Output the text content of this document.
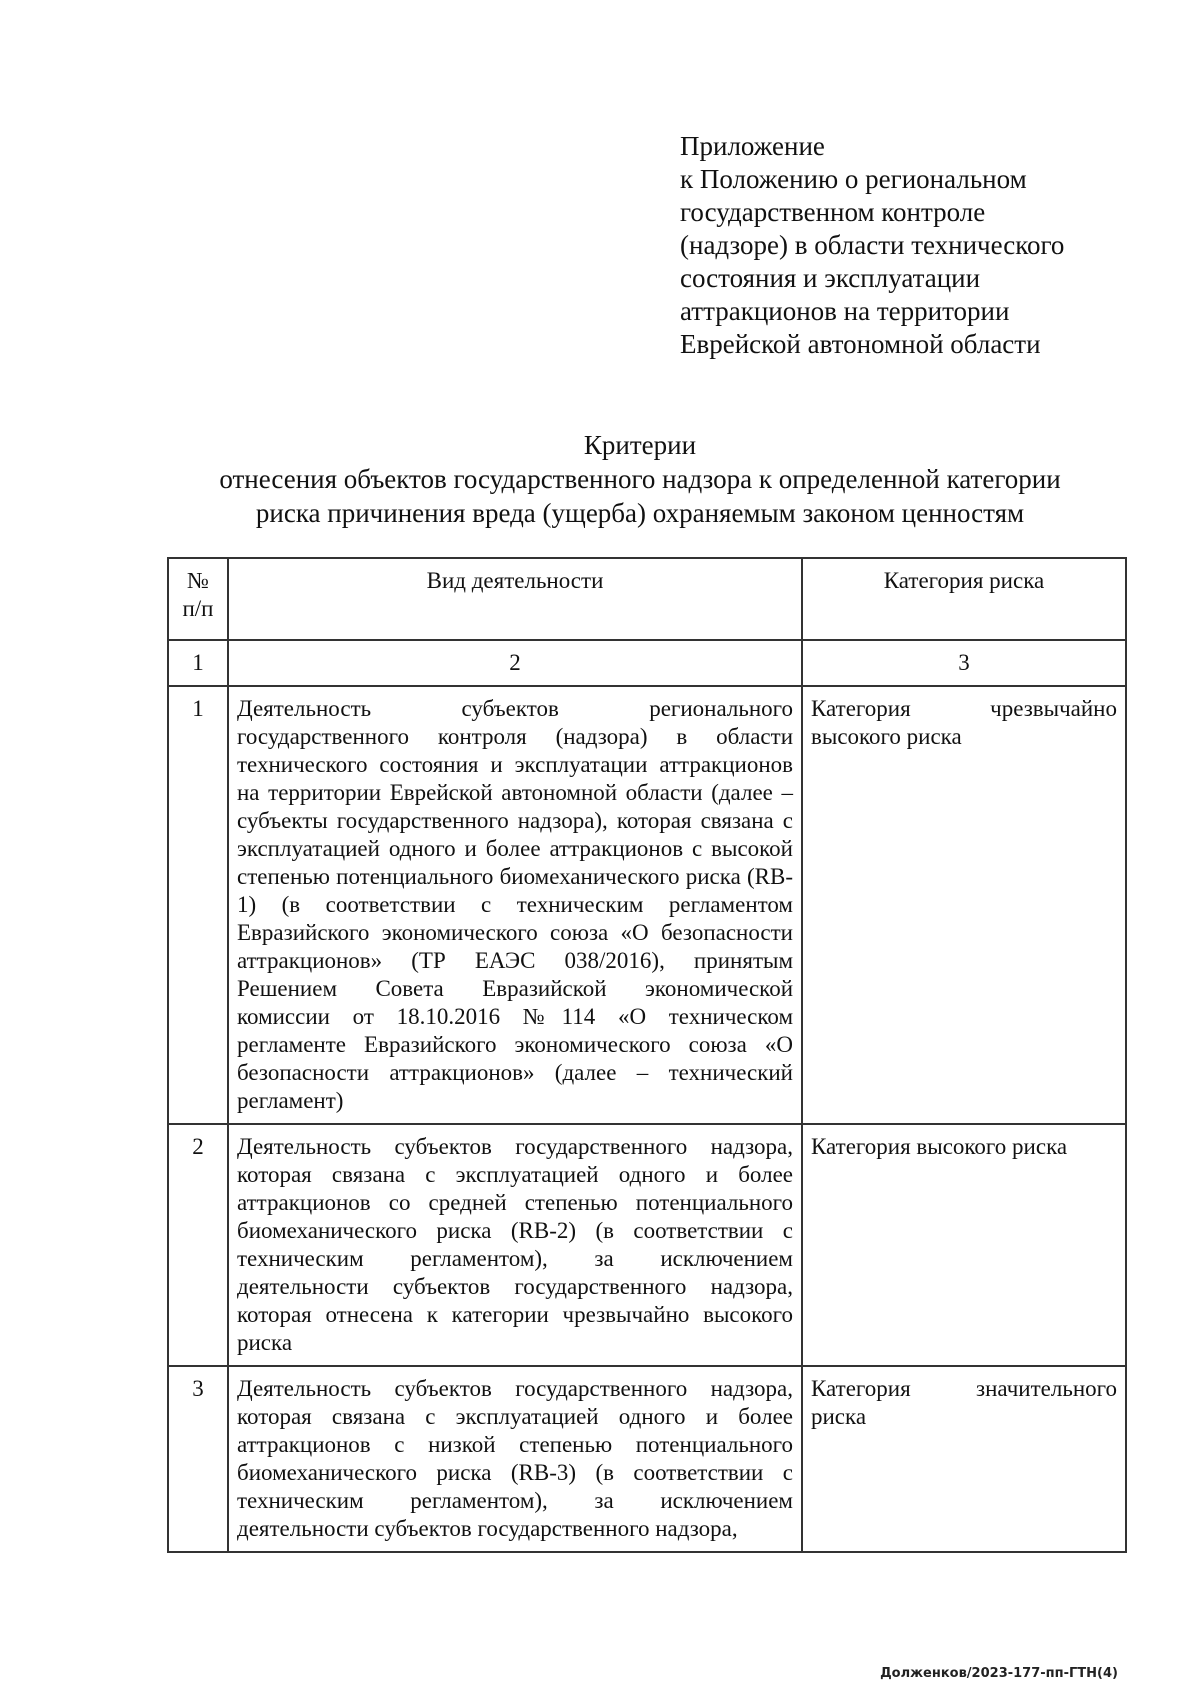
Приложение
к Положению о региональном
государственном контроле
(надзоре) в области технического
состояния и эксплуатации
аттракционов на территории
Еврейской автономной области
Критерии
отнесения объектов государственного надзора к определенной категории
риска причинения вреда (ущерба) охраняемым законом ценностям
№ п/п	Вид деятельности	Категория риска
1	2	3
1	Деятельность субъектов регионального государственного контроля (надзора) в области технического состояния и эксплуатации аттракционов на территории Еврейской автономной области (далее – субъекты государственного надзора), которая связана с эксплуатацией одного и более аттракционов с высокой степенью потенциального биомеханического риска (RB-1) (в соответствии с техническим регламентом Евразийского экономического союза «О безопасности аттракционов» (ТР ЕАЭС 038/2016), принятым Решением Совета Евразийской экономической комиссии от 18.10.2016 №114 «О техническом регламенте Евразийского экономического союза «О безопасности аттракционов» (далее – технический регламент)	Категория чрезвычайно высокого риска
2	Деятельность субъектов государственного надзора, которая связана с эксплуатацией одного и более аттракционов со средней степенью потенциального биомеханического риска (RB-2) (в соответствии с техническим регламентом), за исключением деятельности субъектов государственного надзора, которая отнесена к категории чрезвычайно высокого риска	Категория высокого риска
3	Деятельность субъектов государственного надзора, которая связана с эксплуатацией одного и более аттракционов с низкой степенью потенциального биомеханического риска (RB-3) (в соответствии с техническим регламентом), за исключением деятельности субъектов государственного надзора,	Категория значительного риска
Долженков/2023-177-пп-ГТН(4)
